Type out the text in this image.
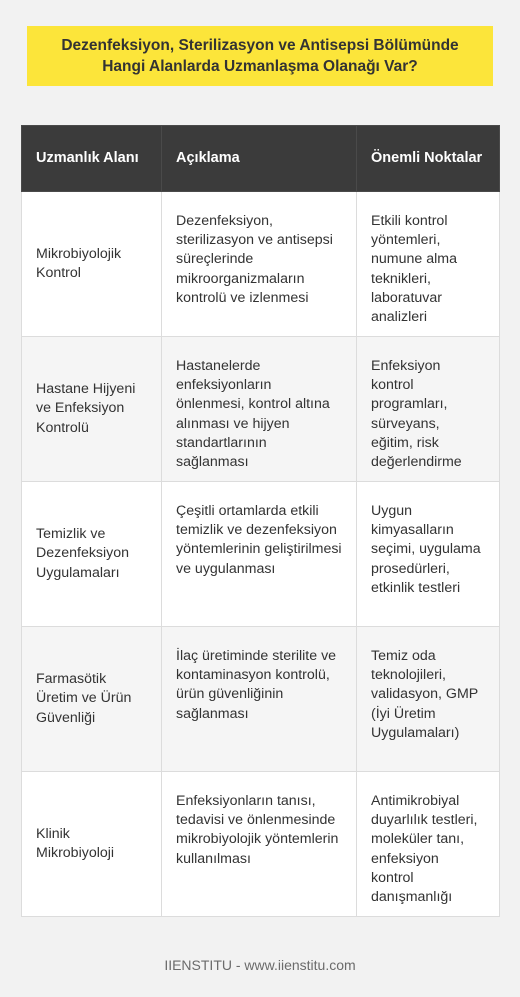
Dezenfeksiyon, Sterilizasyon ve Antisepsi Bölümünde Hangi Alanlarda Uzmanlaşma Olanağı Var?
Uzmanlık Alanı	Açıklama	Önemli Noktalar
Mikrobiyolojik Kontrol	Dezenfeksiyon, sterilizasyon ve antisepsi süreçlerinde mikroorganizmaların kontrolü ve izlenmesi	Etkili kontrol yöntemleri, numune alma teknikleri, laboratuvar analizleri
Hastane Hijyeni ve Enfeksiyon Kontrolü	Hastanelerde enfeksiyonların önlenmesi, kontrol altına alınması ve hijyen standartlarının sağlanması	Enfeksiyon kontrol programları, sürveyans, eğitim, risk değerlendirme
Temizlik ve Dezenfeksiyon Uygulamaları	Çeşitli ortamlarda etkili temizlik ve dezenfeksiyon yöntemlerinin geliştirilmesi ve uygulanması	Uygun kimyasalların seçimi, uygulama prosedürleri, etkinlik testleri
Farmasötik Üretim ve Ürün Güvenliği	İlaç üretiminde sterilite ve kontaminasyon kontrolü, ürün güvenliğinin sağlanması	Temiz oda teknolojileri, validasyon, GMP (İyi Üretim Uygulamaları)
Klinik Mikrobiyoloji	Enfeksiyonların tanısı, tedavisi ve önlenmesinde mikrobiyolojik yöntemlerin kullanılması	Antimikrobiyal duyarlılık testleri, moleküler tanı, enfeksiyon kontrol danışmanlığı
IIENSTITU - www.iienstitu.com
